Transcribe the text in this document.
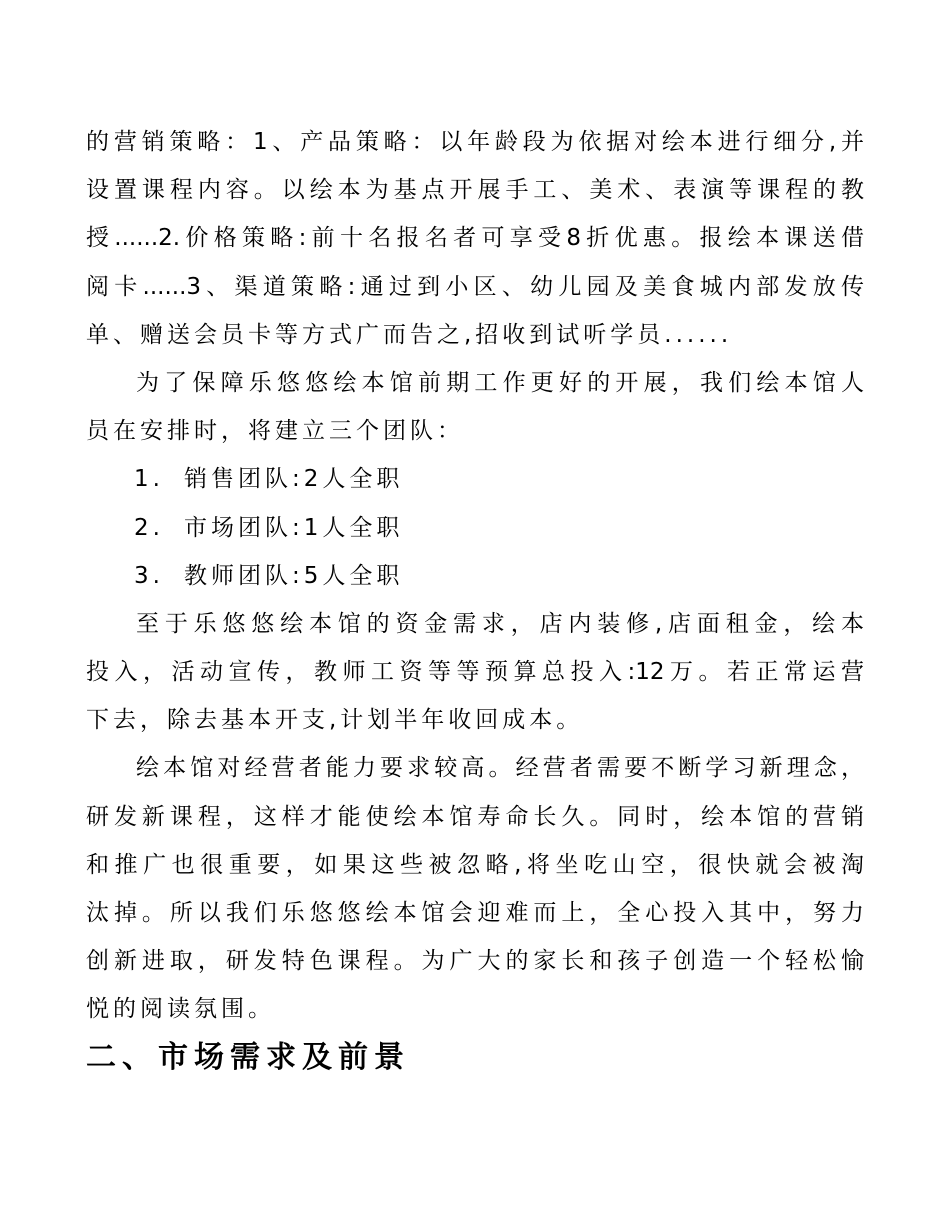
的营销策略：1、产品策略：以年龄段为依据对绘本进行细分,并
设置课程内容。以绘本为基点开展手工、美术、表演等课程的教
授......2.价格策略:前十名报名者可享受8折优惠。报绘本课送借
阅卡......3、渠道策略:通过到小区、幼儿园及美食城内部发放传
单、赠送会员卡等方式广而告之,招收到试听学员......
为了保障乐悠悠绘本馆前期工作更好的开展，我们绘本馆人
员在安排时，将建立三个团队：
1. 销售团队:2人全职
2. 市场团队:1人全职
3. 教师团队:5人全职
至于乐悠悠绘本馆的资金需求，店内装修,店面租金，绘本
投入，活动宣传，教师工资等等预算总投入:12万。若正常运营
下去，除去基本开支,计划半年收回成本。
绘本馆对经营者能力要求较高。经营者需要不断学习新理念，
研发新课程，这样才能使绘本馆寿命长久。同时，绘本馆的营销
和推广也很重要，如果这些被忽略,将坐吃山空，很快就会被淘
汰掉。所以我们乐悠悠绘本馆会迎难而上，全心投入其中，努力
创新进取，研发特色课程。为广大的家长和孩子创造一个轻松愉
悦的阅读氛围。
二、市场需求及前景
